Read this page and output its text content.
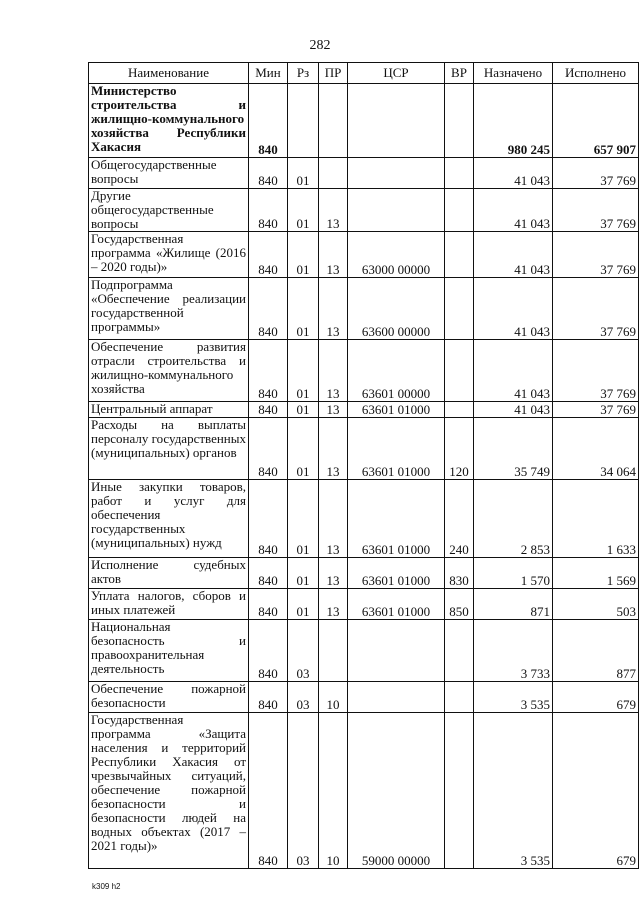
282
Наименование	Мин	Рз	ПР	ЦСР	ВР	Назначено	Исполнено
Министерство строительства и жилищно-коммунального хозяйства Республики Хакасия	840					980 245	657 907
Общегосударственные вопросы	840	01				41 043	37 769
Другие общегосударственные вопросы	840	01	13			41 043	37 769
Государственная программа «Жилище (2016 – 2020 годы)»	840	01	13	63000 00000		41 043	37 769
Подпрограмма «Обеспечение реализации государственной программы»	840	01	13	63600 00000		41 043	37 769
Обеспечение развития отрасли строительства и жилищно-коммунального хозяйства	840	01	13	63601 00000		41 043	37 769
Центральный аппарат	840	01	13	63601 01000		41 043	37 769
Расходы на выплаты персоналу государственных (муниципальных) органов	840	01	13	63601 01000	120	35 749	34 064
Иные закупки товаров, работ и услуг для обеспечения государственных (муниципальных) нужд	840	01	13	63601 01000	240	2 853	1 633
Исполнение судебных актов	840	01	13	63601 01000	830	1 570	1 569
Уплата налогов, сборов и иных платежей	840	01	13	63601 01000	850	871	503
Национальная безопасность и правоохранительная деятельность	840	03				3 733	877
Обеспечение пожарной безопасности	840	03	10			3 535	679
Государственная программа «Защита населения и территорий Республики Хакасия от чрезвычайных ситуаций, обеспечение пожарной безопасности и безопасности людей на водных объектах (2017 – 2021 годы)»	840	03	10	59000 00000		3 535	679
k309 h2
